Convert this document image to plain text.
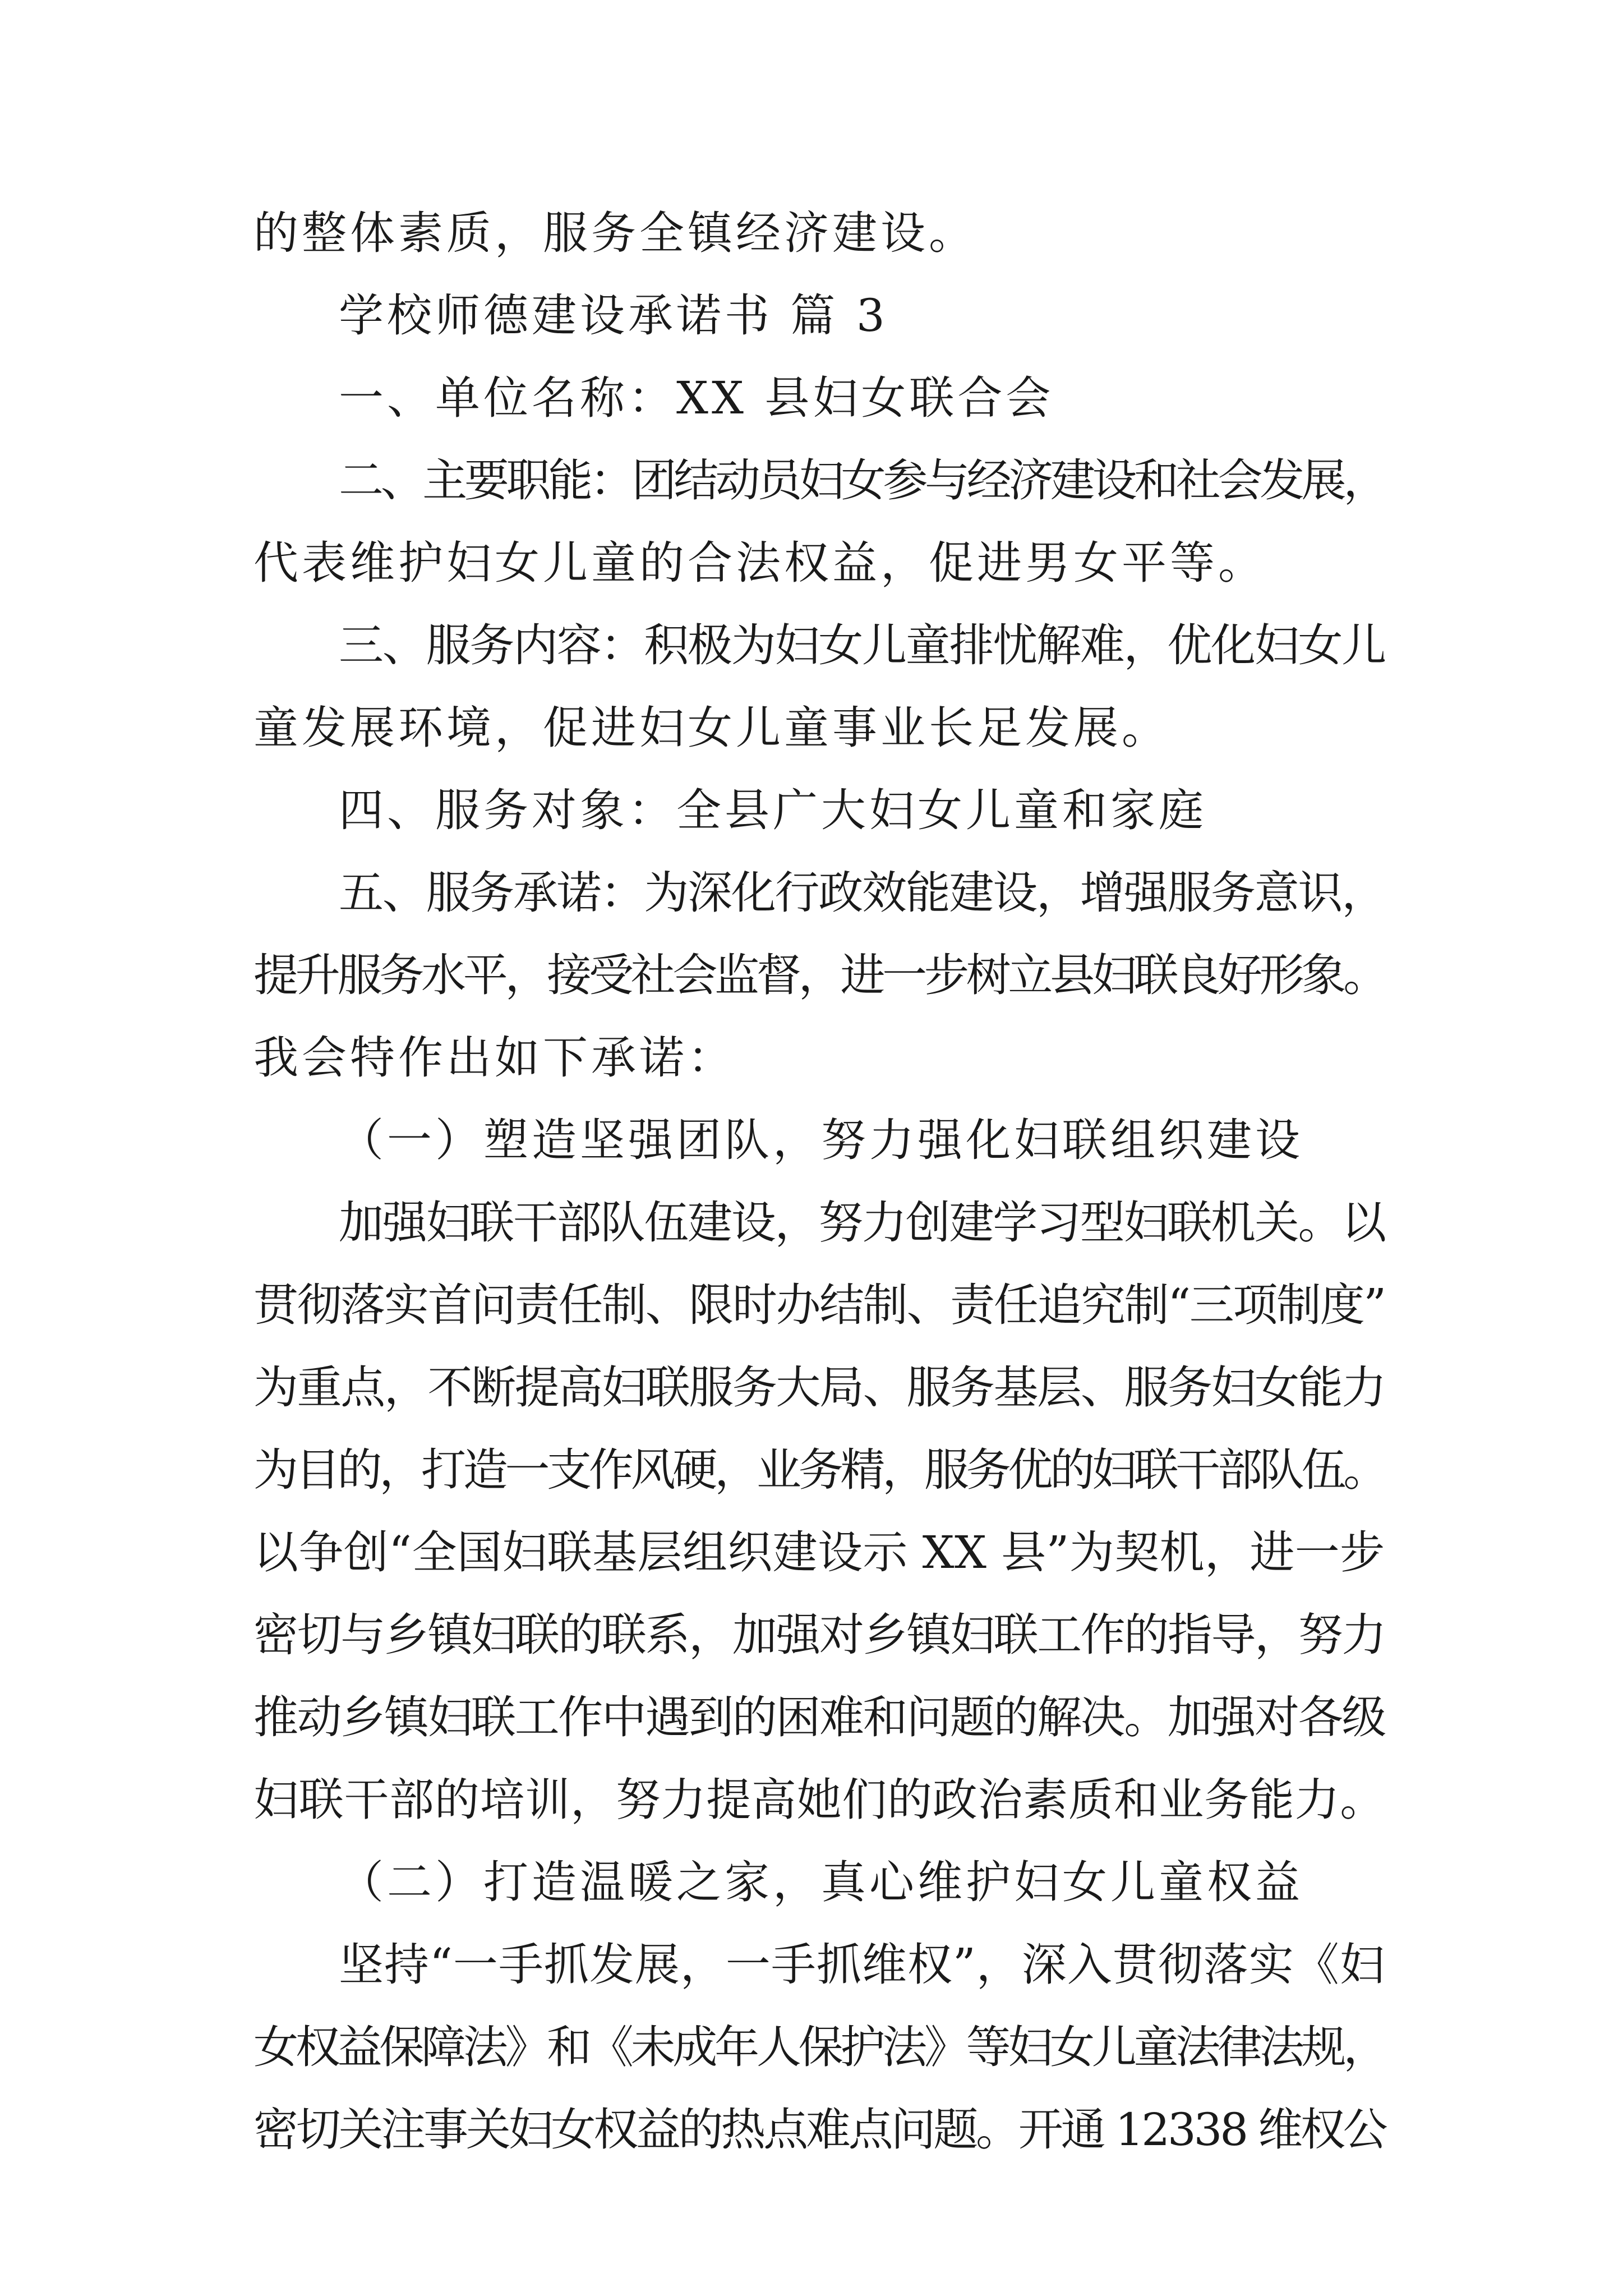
的整体素质，服务全镇经济建设。
学校师德建设承诺书 篇 3
一、单位名称：XX 县妇女联合会
二、主要职能：团结动员妇女参与经济建设和社会发展，
代表维护妇女儿童的合法权益，促进男女平等。
三、服务内容：积极为妇女儿童排忧解难，优化妇女儿
童发展环境，促进妇女儿童事业长足发展。
四、服务对象：全县广大妇女儿童和家庭
五、服务承诺：为深化行政效能建设，增强服务意识，
提升服务水平，接受社会监督，进一步树立县妇联良好形象。
我会特作出如下承诺：
（一）塑造坚强团队，努力强化妇联组织建设
加强妇联干部队伍建设，努力创建学习型妇联机关。以
贯彻落实首问责任制、限时办结制、责任追究制“三项制度”
为重点，不断提高妇联服务大局、服务基层、服务妇女能力
为目的，打造一支作风硬，业务精，服务优的妇联干部队伍。
以争创“全国妇联基层组织建设示 XX 县”为契机，进一步
密切与乡镇妇联的联系，加强对乡镇妇联工作的指导，努力
推动乡镇妇联工作中遇到的困难和问题的解决。加强对各级
妇联干部的培训，努力提高她们的政治素质和业务能力。
（二）打造温暖之家，真心维护妇女儿童权益
坚持“一手抓发展，一手抓维权”，深入贯彻落实《妇
女权益保障法》和《未成年人保护法》等妇女儿童法律法规，
密切关注事关妇女权益的热点难点问题。开通 12338 维权公
